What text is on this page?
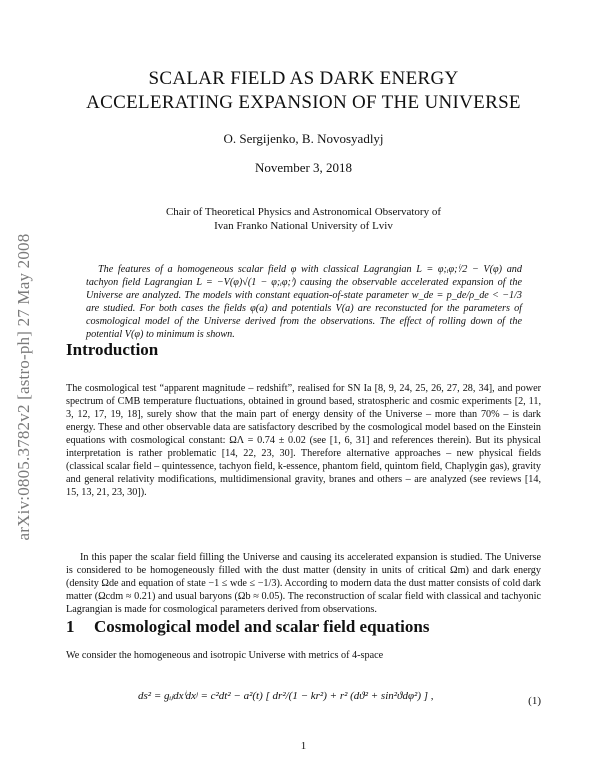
arXiv:0805.3782v2 [astro-ph] 27 May 2008
SCALAR FIELD AS DARK ENERGY
ACCELERATING EXPANSION OF THE UNIVERSE
O. Sergijenko, B. Novosyadlyj
November 3, 2018
Chair of Theoretical Physics and Astronomical Observatory of
Ivan Franko National University of Lviv

The features of a homogeneous scalar field φ with classical Lagrangian L = φ;ᵢφ;ⁱ/2 − V(φ) and tachyon field Lagrangian L = −V(φ)√(1 − φ;ᵢφ;ⁱ) causing the observable accelerated expansion of the Universe are analyzed. The models with constant equation-of-state parameter w_de = p_de/ρ_de < −1/3 are studied. For both cases the fields φ(a) and potentials V(a) are reconstucted for the parameters of cosmological model of the Universe derived from the observations. The effect of rolling down of the potential V(φ) to minimum is shown.

Introduction

The cosmological test “apparent magnitude – redshift”, realised for SN Ia [8, 9, 24, 25, 26, 27, 28, 34], and power spectrum of CMB temperature fluctuations, obtained in ground based, stratospheric and cosmic experiments [2, 11, 3, 12, 17, 19, 18], surely show that the main part of energy density of the Universe – more than 70% – is dark energy. These and other observable data are satisfactory described by the cosmological model based on the Einstein equations with cosmological constant: ΩΛ = 0.74 ± 0.02 (see [1, 6, 31] and references therein). But its physical interpretation is rather problematic [14, 22, 23, 30]. Therefore alternative approaches – new physical fields (classical scalar field – quintessence, tachyon field, k-essence, phantom field, quintom field, Chaplygin gas), gravity and general relativity modifications, multidimensional gravity, branes and others – are analyzed (see reviews [14, 15, 13, 21, 23, 30]).

In this paper the scalar field filling the Universe and causing its accelerated expansion is studied. The Universe is considered to be homogeneously filled with the dust matter (density in units of critical Ωm) and dark energy (density Ωde and equation of state −1 ≤ wde ≤ −1/3). According to modern data the dust matter consists of cold dark matter (Ωcdm ≈ 0.21) and usual baryons (Ωb ≈ 0.05). The reconstruction of scalar field with classical and tachyonic Lagrangian is made for cosmological parameters derived from observations.

1 Cosmological model and scalar field equations

We consider the homogeneous and isotropic Universe with metrics of 4-space

ds² = gᵢⱼdxⁱdxʲ = c²dt² − a²(t) [ dr²/(1 − kr²) + r² (dϑ² + sin²ϑdφ²) ] ,	(1)
1
